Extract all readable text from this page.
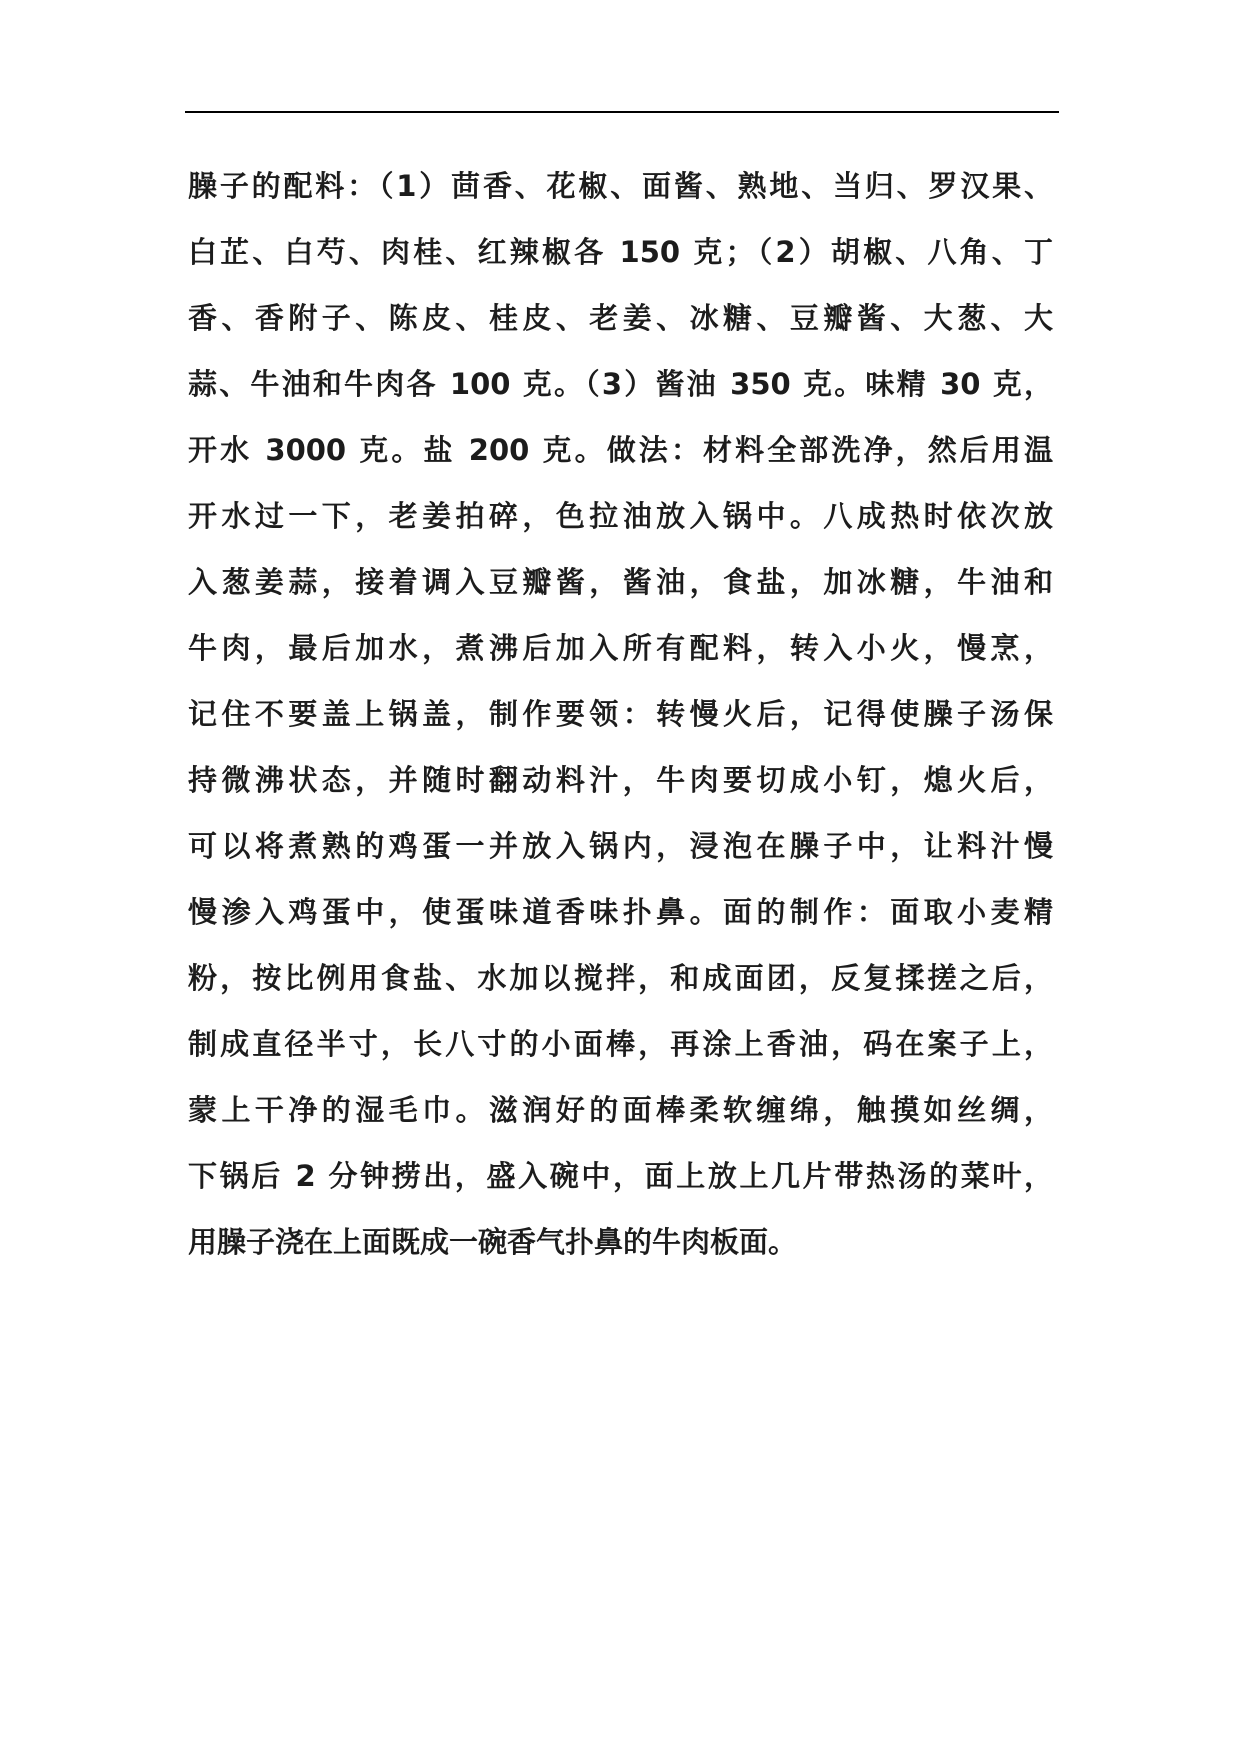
臊子的配料：（1）茴香、花椒、面酱、熟地、当归、罗汉果、
白芷、白芍、肉桂、红辣椒各 150 克；（2）胡椒、八角、丁
香、香附子、陈皮、桂皮、老姜、冰糖、豆瓣酱、大葱、大
蒜、牛油和牛肉各 100 克。（3）酱油 350 克。味精 30 克，
开水 3000 克。盐 200 克。做法：材料全部洗净，然后用温
开水过一下，老姜拍碎，色拉油放入锅中。八成热时依次放
入葱姜蒜，接着调入豆瓣酱，酱油，食盐，加冰糖，牛油和
牛肉，最后加水，煮沸后加入所有配料，转入小火，慢烹，
记住不要盖上锅盖，制作要领：转慢火后，记得使臊子汤保
持微沸状态，并随时翻动料汁，牛肉要切成小钉，熄火后，
可以将煮熟的鸡蛋一并放入锅内，浸泡在臊子中，让料汁慢
慢渗入鸡蛋中，使蛋味道香味扑鼻。面的制作：面取小麦精
粉，按比例用食盐、水加以搅拌，和成面团，反复揉搓之后，
制成直径半寸，长八寸的小面棒，再涂上香油，码在案子上，
蒙上干净的湿毛巾。滋润好的面棒柔软缠绵，触摸如丝绸，
下锅后 2 分钟捞出，盛入碗中，面上放上几片带热汤的菜叶，
用臊子浇在上面既成一碗香气扑鼻的牛肉板面。
